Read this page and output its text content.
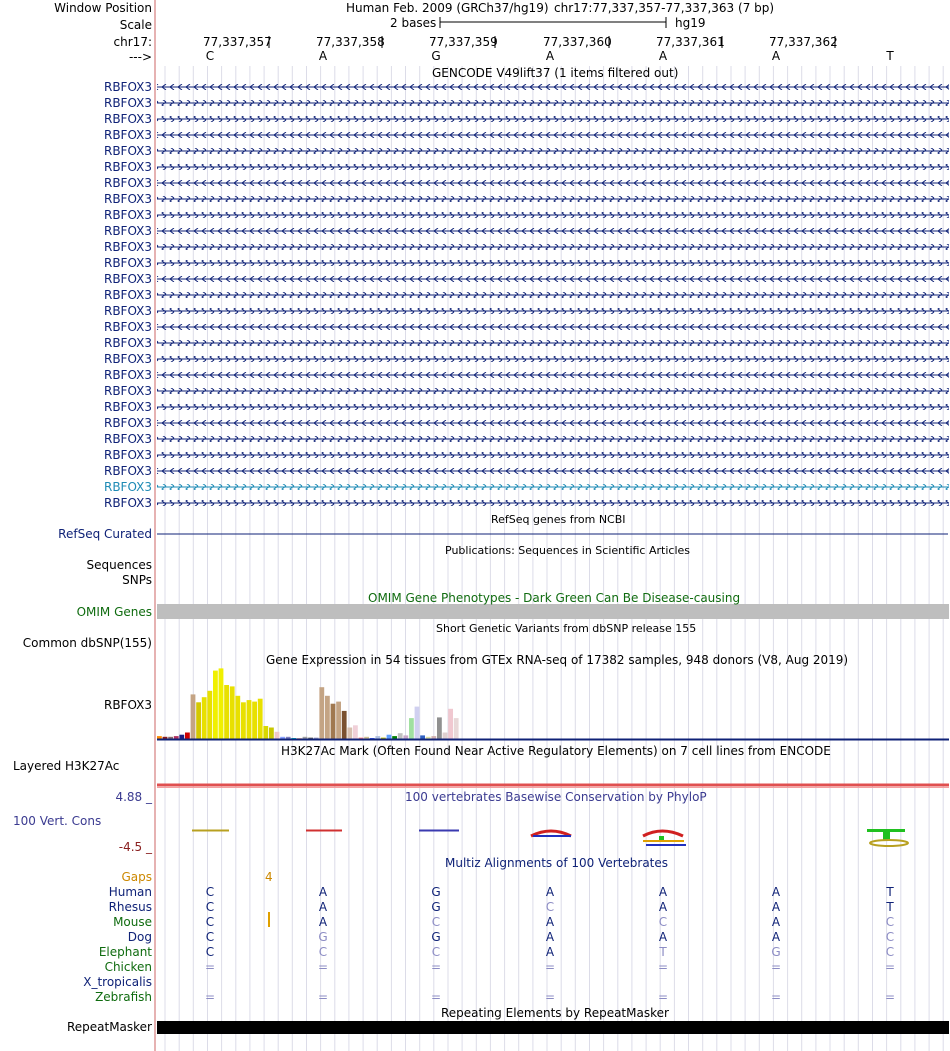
Window Position	Human Feb. 2009 (GRCh37/hg19) chr17:77,337,357-77,337,363 (7 bp)
Scale	2 bases	hg19
chr17:
--->
77,337,357	77,337,358	77,337,359	77,337,360	77,337,361	77,337,362
C	A	G	A	A	A	T
GENCODE V49lift37 (1 items filtered out)
RBFOX3
RBFOX3
RBFOX3
RBFOX3
RBFOX3
RBFOX3
RBFOX3
RBFOX3
RBFOX3
RBFOX3
RBFOX3
RBFOX3
RBFOX3
RBFOX3
RBFOX3
RBFOX3
RBFOX3
RBFOX3
RBFOX3
RBFOX3
RBFOX3
RBFOX3
RBFOX3
RBFOX3
RBFOX3
RBFOX3
RBFOX3
RefSeq genes from NCBI
RefSeq Curated
Publications: Sequences in Scientific Articles
Sequences
SNPs
OMIM Gene Phenotypes - Dark Green Can Be Disease-causing
OMIM Genes
Short Genetic Variants from dbSNP release 155
Common dbSNP(155)
Gene Expression in 54 tissues from GTEx RNA-seq of 17382 samples, 948 donors (V8, Aug 2019)
RBFOX3
H3K27Ac Mark (Often Found Near Active Regulatory Elements) on 7 cell lines from ENCODE
Layered H3K27Ac
100 vertebrates Basewise Conservation by PhyloP
4.88 _
100 Vert. Cons
-4.5 _
Multiz Alignments of 100 Vertebrates
Gaps	4
Human	C	A	G	A	A	A	T
Rhesus	C	A	G	C	A	A	T
Mouse	C	A	C	A	C	A	C
Dog	C	G	G	A	A	A	C
Elephant	C	C	C	A	T	G	C
Chicken	=	=	=	=	=	=	=
X_tropicalis
Zebrafish	=	=	=	=	=	=	=
Repeating Elements by RepeatMasker
RepeatMasker
